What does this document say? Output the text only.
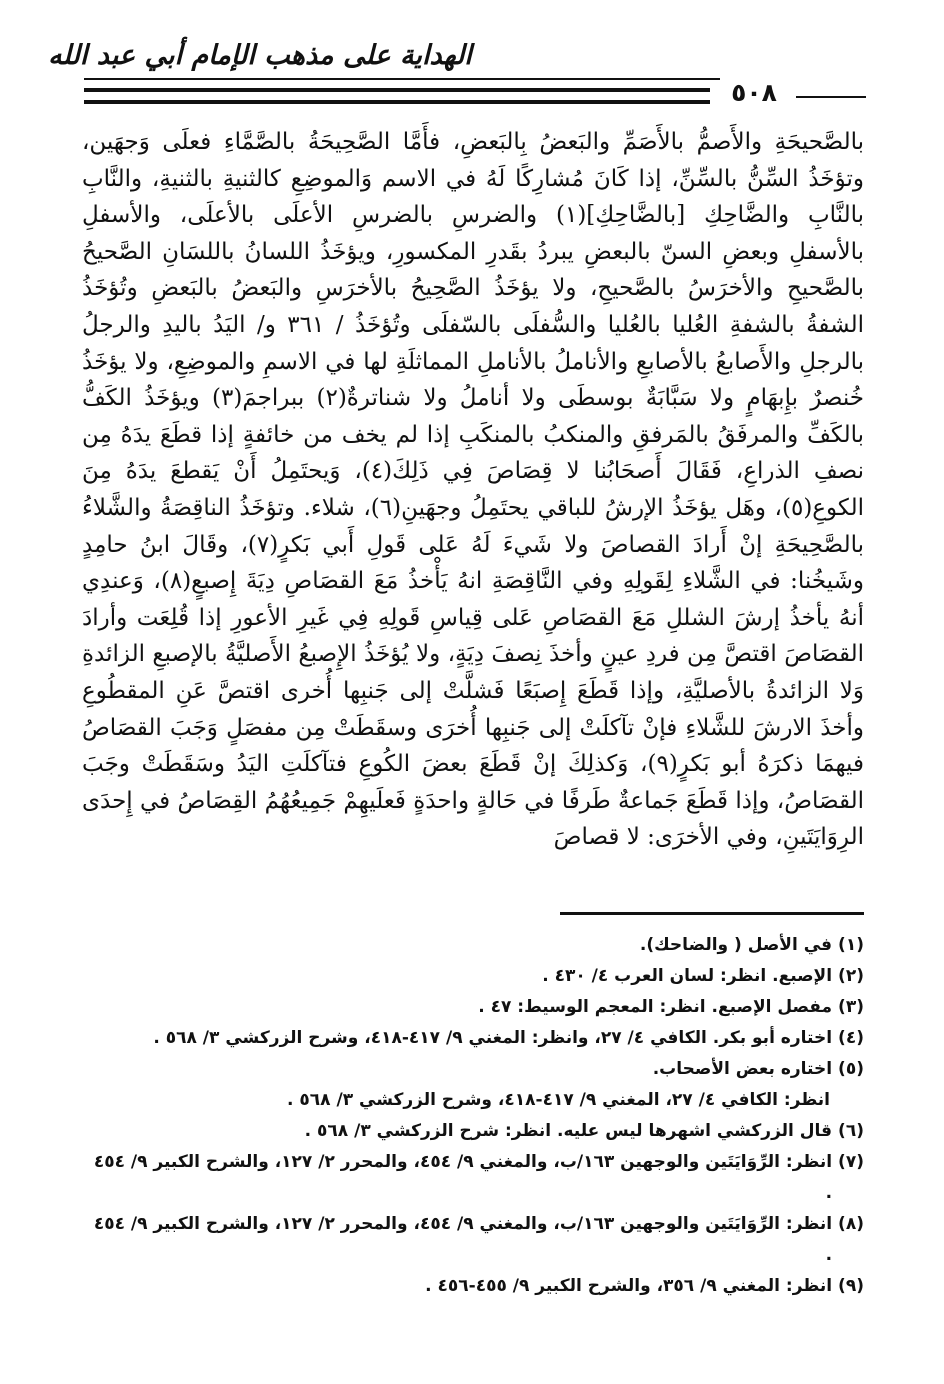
الهداية على مذهب الإمام أبي عبد الله
٥٠٨

بالصَّحيحَةِ والأَصمُّ بالأَصَمِّ والبَعضُ بِالبَعضِ، فأَمَّا الصَّحِيحَةُ بالصَّمَّاءِ فعلَى وَجهَين، وتؤخَذُ السِّنُّ بالسِّنِّ، إذا كَانَ مُشارِكًا لَهُ في الاسم وَالموضِعِ كالثنيةِ بالثنيةِ، والنَّابِ بالنَّابِ والضَّاحِكِ [بالضَّاحِكِ](١) والضرسِ بالضرسِ الأعلَى بالأعلَى، والأسفلِ بالأسفلِ وبعضِ السنّ بالبعضِ يبردُ بقَدرِ المكسورِ، ويؤخَذُ اللسانُ باللسَانِ الصَّحيحُ بالصَّحيحِ والأخرَسُ بالصَّحيحِ، ولا يؤخَذُ الصَّحِيحُ بالأخرَسِ والبَعضُ بالبَعضِ وتُؤخَذُ الشفةُ بالشفةِ العُليا بالعُليا والسُّفلَى بالسّفلَى وتُؤخَذُ / ٣٦١ و/ اليَدُ باليدِ والرجلُ بالرجلِ والأَصابعُ بالأصابعِ والأناملُ بالأناملِ المماثلَةِ لها في الاسمِ والموضِعِ، ولا يؤخَذُ خُنصرٌ بإِبهَامٍ ولا سَبَّابَةٌ بوسطَى ولا أناملُ ولا شناترةٌ(٢) ببراجمَ(٣) ويؤخَذُ الكَفُّ بالكَفِّ والمرفَقُ بالمَرفقِ والمنكبُ بالمنكَبِ إذا لم يخف من خائفةٍ إذا قطَعَ يدَهُ مِن نصفِ الذراعِ، فَقَالَ أَصحَابُنا لا قِصَاصَ فِي ذَلِكَ(٤)، وَيحتَمِلُ أَنْ يَقطعَ يدَهُ مِنَ الكوعِ(٥)، وهَل يؤخَذُ الإرشُ للباقي يحتَمِلُ وجهَينِ(٦)، شلاء. وتؤخَذُ الناقِصَةُ والشَّلاءُ بالصَّحِيحَةِ إنْ أَرادَ القصاصَ ولا شَيءَ لَهُ عَلى قَولِ أَبي بَكرٍ(٧)، وقَالَ ابنُ حامِدٍ وشَيخُنا: في الشَّلاءِ لِقَولِهِ وفي النَّاقِصَةِ انهُ يَأْخذُ مَعَ القصَاصِ دِيَةَ إِصبعٍ(٨)، وَعندِي أنهُ يأخذُ إرشَ الشللِ مَعَ القصَاصِ عَلى قِياسِ قَولِهِ فِي غَيرِ الأعورِ إذا قُلِعَت وأرادَ القصَاصَ اقتصَّ مِن فردِ عينٍ وأخذَ نِصفَ دِيَةٍ، ولا يُؤخَذُ الإِصبعُ الأَصليَّةُ بالإصبعِ الزائدةِ وَلا الزائدةُ بالأصليَّةِ، وإذا قَطَعَ إِصبَعًا فَشلَّتْ إلى جَنبِها أُخرى اقتصَّ عَنِ المقطُوعِ وأخذَ الارشَ للشَّلاءِ فإنْ تآكلَتْ إلى جَنبِها أُخرَى وسقَطَتْ مِن مفصَلٍ وَجَبَ القصَاصُ فيهمَا ذكرَهُ أبو بَكرٍ(٩)، وَكذلِكَ إنْ قَطَعَ بعضَ الكُوعِ فتآكلَتِ اليَدُ وسَقَطَتْ وجَبَ القصَاصُ، وإذا قَطَعَ جَماعةٌ طَرفًا في حَالةٍ واحدَةٍ فَعلَيهِمْ جَمِيعُهُمُ القِصَاصُ في إِحدَى الرِوَايَتَينِ، وفي الأخرَى: لا قصاصَ

(١)
في الأصل ( والضاحك).
(٢)
الإصبع. انظر: لسان العرب ٤/ ٤٣٠ .
(٣)
مفصل الإصبع. انظر: المعجم الوسيط: ٤٧ .
(٤)
اختاره أبو بكر. الكافي ٤/ ٢٧، وانظر: المغني ٩/ ٤١٧-٤١٨، وشرح الزركشي ٣/ ٥٦٨ .
(٥)
اختاره بعض الأصحاب.
انظر: الكافي ٤/ ٢٧، المغني ٩/ ٤١٧-٤١٨، وشرح الزركشي ٣/ ٥٦٨ .
(٦)
قال الزركشي اشهرها ليس عليه. انظر: شرح الزركشي ٣/ ٥٦٨ .
(٧)
انظر: الرِّوَايَتَين والوجهين ١٦٣/ب، والمغني ٩/ ٤٥٤، والمحرر ٢/ ١٢٧، والشرح الكبير ٩/ ٤٥٤ .
(٨)
انظر: الرِّوَايَتَين والوجهين ١٦٣/ب، والمغني ٩/ ٤٥٤، والمحرر ٢/ ١٢٧، والشرح الكبير ٩/ ٤٥٤ .
(٩)
انظر: المغني ٩/ ٣٥٦، والشرح الكبير ٩/ ٤٥٥-٤٥٦ .
